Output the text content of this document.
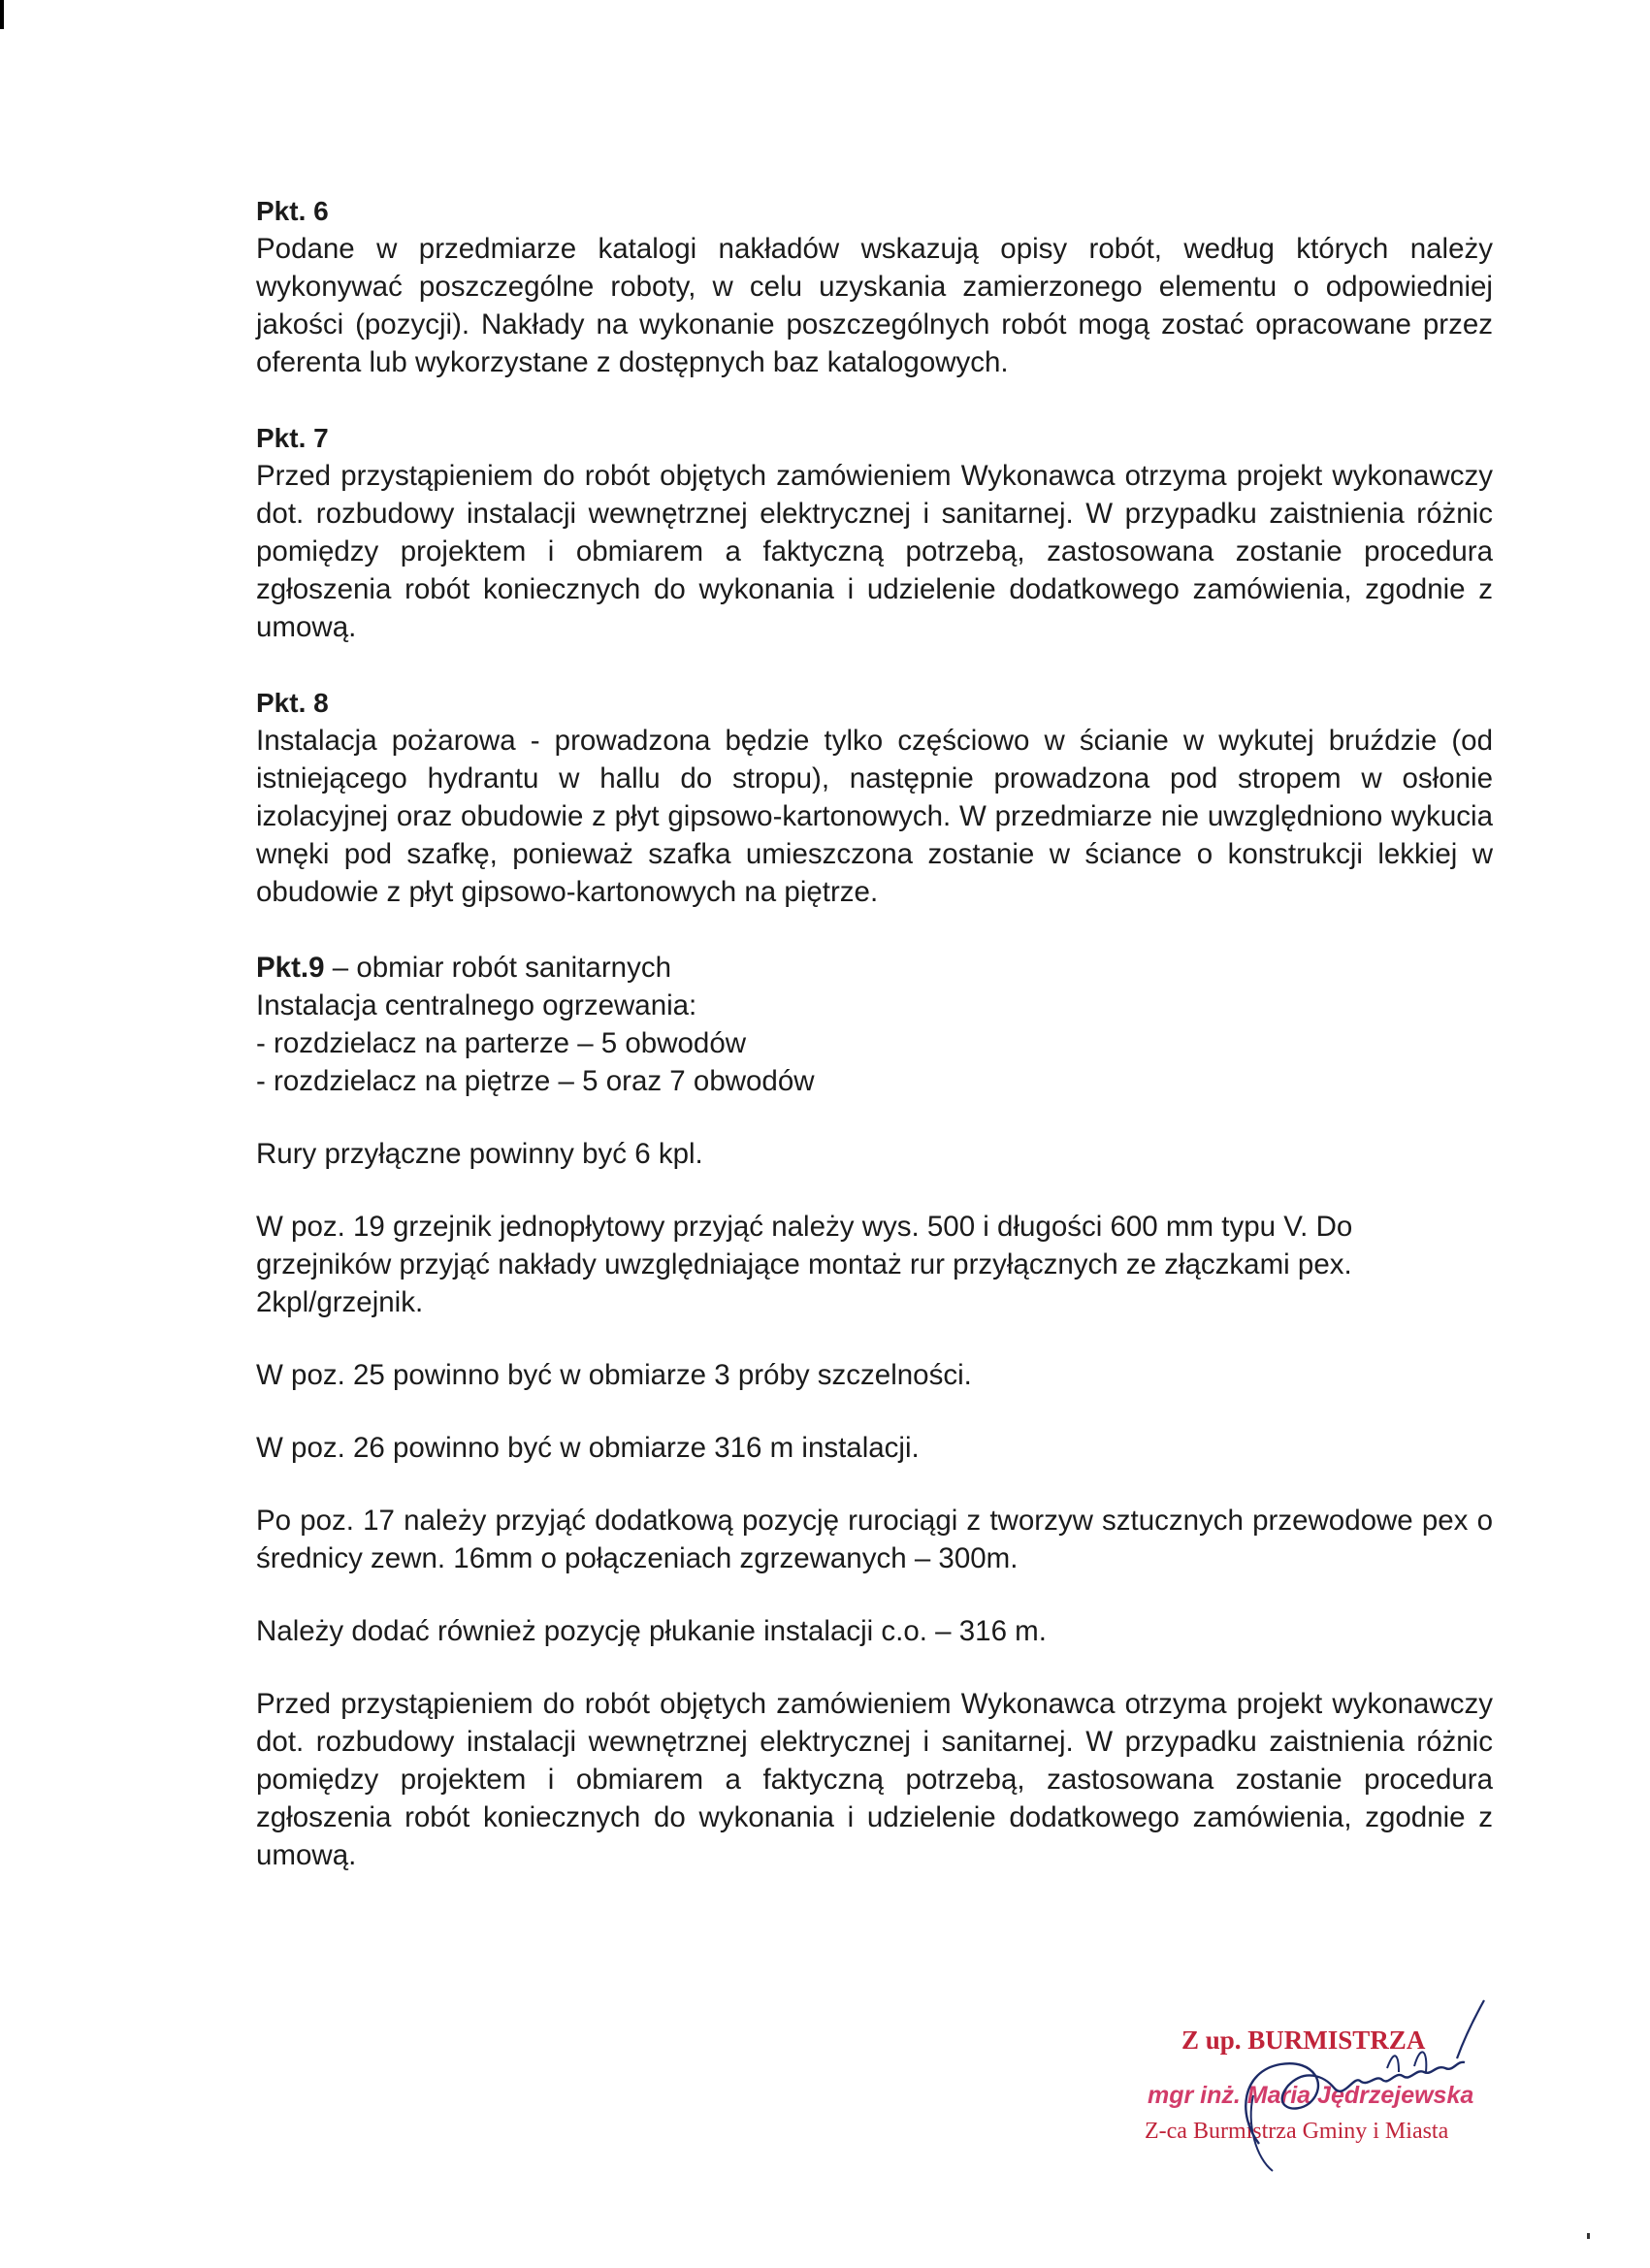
Pkt. 6

Podane w przedmiarze katalogi nakładów wskazują opisy robót, według których należy wykonywać poszczególne roboty, w celu uzyskania zamierzonego elementu o odpowiedniej jakości (pozycji). Nakłady na wykonanie poszczególnych robót mogą zostać opracowane przez oferenta lub wykorzystane z dostępnych baz katalogowych.

Pkt. 7

Przed przystąpieniem do robót objętych zamówieniem Wykonawca otrzyma projekt wykonawczy dot. rozbudowy instalacji wewnętrznej elektrycznej i sanitarnej. W przypadku zaistnienia różnic pomiędzy projektem i obmiarem a faktyczną potrzebą, zastosowana zostanie procedura zgłoszenia robót koniecznych do wykonania i udzielenie dodatkowego zamówienia, zgodnie z umową.

Pkt. 8

Instalacja pożarowa - prowadzona będzie tylko częściowo w ścianie w wykutej bruździe (od istniejącego hydrantu w hallu do stropu), następnie prowadzona pod stropem w osłonie izolacyjnej oraz obudowie z płyt gipsowo-kartonowych. W przedmiarze nie uwzględniono wykucia wnęki pod szafkę, ponieważ szafka umieszczona zostanie w ściance o konstrukcji lekkiej w obudowie z płyt gipsowo-kartonowych na piętrze.

Pkt.9 – obmiar robót sanitarnych

Instalacja centralnego ogrzewania:

- rozdzielacz na parterze – 5 obwodów

- rozdzielacz na piętrze – 5 oraz 7 obwodów

Rury przyłączne powinny być 6 kpl.

W poz. 19 grzejnik jednopłytowy przyjąć należy wys. 500 i długości 600 mm typu V. Do grzejników przyjąć nakłady uwzględniające montaż rur przyłącznych ze złączkami pex. 2kpl/grzejnik.

W poz. 25 powinno być w obmiarze 3 próby szczelności.

W poz. 26 powinno być w obmiarze 316 m instalacji.

Po poz. 17 należy przyjąć dodatkową pozycję rurociągi z tworzyw sztucznych przewodowe pex o średnicy zewn. 16mm o połączeniach zgrzewanych – 300m.

Należy dodać również pozycję płukanie instalacji c.o. – 316 m.

Przed przystąpieniem do robót objętych zamówieniem Wykonawca otrzyma projekt wykonawczy dot. rozbudowy instalacji wewnętrznej elektrycznej i sanitarnej. W przypadku zaistnienia różnic pomiędzy projektem i obmiarem a faktyczną potrzebą, zastosowana zostanie procedura zgłoszenia robót koniecznych do wykonania i udzielenie dodatkowego zamówienia, zgodnie z umową.

Z up. BURMISTRZA
mgr inż. Maria Jędrzejewska
Z-ca Burmistrza Gminy i Miasta
